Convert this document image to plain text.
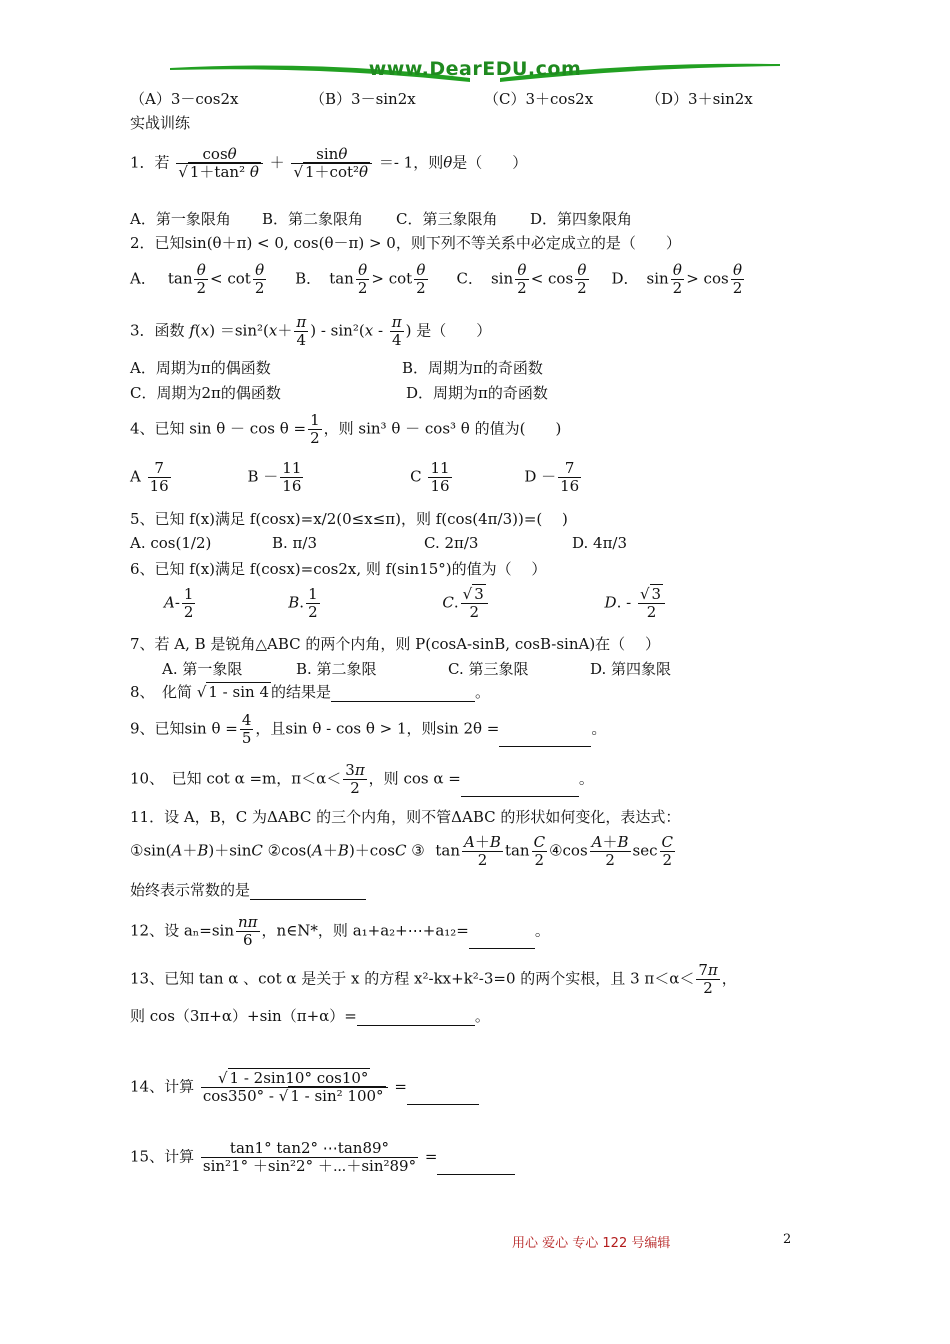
www.DearEDU.com
（A）3－cos2x	（B）3－sin2x	（C）3＋cos2x	（D）3＋sin2x
实战训练
1．若 $\frac{\cos\theta}{\text{√ 1＋tan² θ}} + \frac{\sin\theta}{\text{√ 1＋cot²θ}} =- 1$，则θ是（　　）
A．第一象限角 B．第二象限角 C．第三象限角 D．第四象限角
2．已知sin(θ＋π) < 0, cos(θ－π) > 0，则下列不等关系中必定成立的是（　　）
A． $\tan \frac{\theta}{2} < \cot \frac{\theta}{2}$ B． $\tan \frac{\theta}{2} > \cot \frac{\theta}{2}$ C． $\sin \frac{\theta}{2} < \cos \frac{\theta}{2}$ D． $\sin \frac{\theta}{2} > \cos \frac{\theta}{2}$
3．函数 $f(x) =\sin^2(x+ \frac{\pi}{4}$ ) - $\sin^2(x - \frac{\pi}{4}$ ) 是（　　）
A．周期为π的偶函数	B．周期为π的奇函数
C．周期为2π的偶函数	D．周期为π的奇函数
4、已知 $\sin \theta - \cos \theta = \frac{1}{2}$ ，则 sin³ θ － cos³ θ 的值为(　　)
A $\frac{7}{16}$	$B - \frac{11}{16}$	C $\frac{11}{16}$	$D - \frac{7}{16}$
5、已知 f(x)满足 f(cosx)=x/2(0≤x≤π)，则 f(cos(4π/3))=(　 )
A. cos(1/2)	B. π/3	C. 2π/3	D. 4π/3
6、已知 f(x)满足 f(cosx)=cos2x, 则 f(sin15°)的值为（　 ）
$A- \frac{1}{2}$	B. $\frac{1}{2}$	C. $\frac{√ 3}{2}$	D. - $\frac{√ 3}{2}$
7、若 A, B 是锐角△ABC 的两个内角，则 P(cosA-sinB, cosB-sinA)在（　 ）
A. 第一象限	B. 第二象限	C. 第三象限	D. 第四象限
8、　化简 √ 1 - sin 4 的结果是	。
9、已知$\sin \theta = \frac{4}{5}$ ，且sin θ - cos θ > 1，则sin 2θ =	。
10、　已知 cot α =m，$\pi<\alpha< \frac{3\pi}{2}$ ，则 cos α =	。
11．设 A，B，C 为ΔABC 的三个内角，则不管ΔABC 的形状如何变化，表达式：
①sin(A＋B)＋sinC ②cos(A＋B)＋cosC ③ $\tan \frac{A+B}{2}$ $\tan \frac{C}{2}$ ④cos $\frac{A+B}{2}$ $\sec \frac{C}{2}$
始终表示常数的是
12、设 $a_n=\sin \frac{n\pi}{6}$ ，n∈N*，则 a₁+a₂+⋯+a₁₂=	。
13、已知 tan α 、cot α 是关于 x 的方程 x²-kx+k²-3=0 的两个实根，且 3 $\pi<\alpha< \frac{7\pi}{2}$ ，
则 cos（3π+α）+sin（π+α）=	。
14、计算 $\frac{√ 1 - 2\sin 10^\circ \cos 10^\circ}{\text{cos350° - √ 1 - sin² 100°}}$ =
15、计算 $\frac{\tan 1^\circ \tan 2^\circ \cdots\tan 89^\circ}{\text{sin²1° ＋sin²2° ＋⋯＋sin²89°}}$ =
用心 爱心 专心 122 号编辑	2
